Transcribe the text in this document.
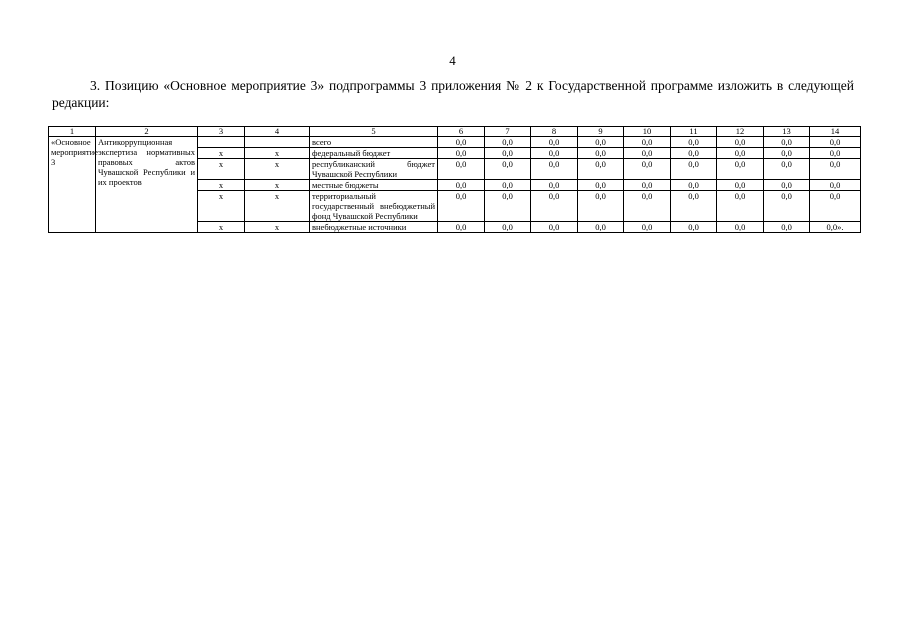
4
3. Позицию «Основное мероприятие 3» подпрограммы 3 приложения № 2 к Государственной программе изложить в следующей редакции:
1	2	3	4	5	6	7	8	9	10	11	12	13	14
«Основное мероприятие 3	Антикоррупционная экспертиза нормативных правовых актов Чувашской Республики и их проектов			всего	0,0	0,0	0,0	0,0	0,0	0,0	0,0	0,0	0,0
		x	x	федеральный бюджет	0,0	0,0	0,0	0,0	0,0	0,0	0,0	0,0	0,0
		x	x	республиканский бюджет Чувашской Республики	0,0	0,0	0,0	0,0	0,0	0,0	0,0	0,0	0,0
		x	x	местные бюджеты	0,0	0,0	0,0	0,0	0,0	0,0	0,0	0,0	0,0
		x	x	территориальный государственный внебюджетный фонд Чувашской Республики	0,0	0,0	0,0	0,0	0,0	0,0	0,0	0,0	0,0
		x	x	внебюджетные источники	0,0	0,0	0,0	0,0	0,0	0,0	0,0	0,0	0,0».
